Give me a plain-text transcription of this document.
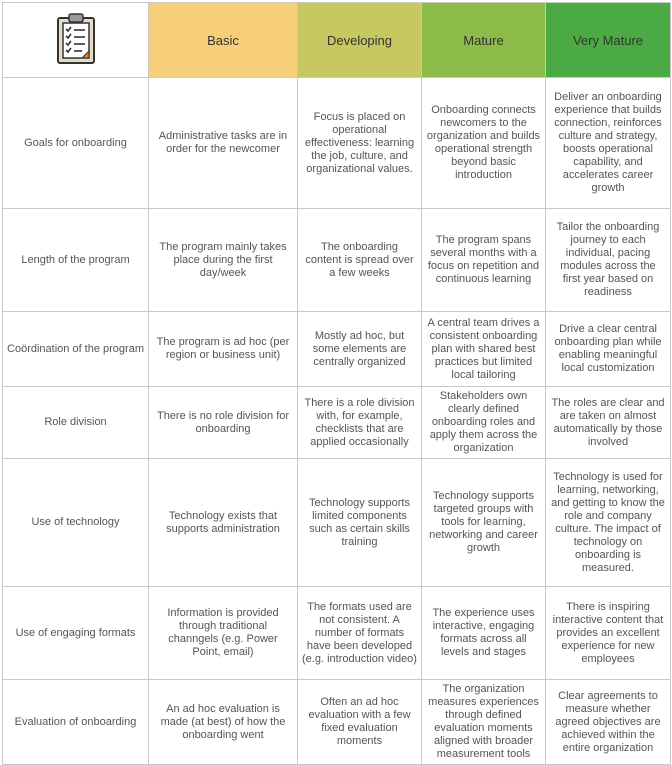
	Basic	Developing	Mature	Very Mature
Goals for onboarding	Administrative tasks are in order for the newcomer	Focus is placed on operational effectiveness: learning the job, culture, and organizational values.	Onboarding connects newcomers to the organization and builds operational strength beyond basic introduction	Deliver an onboarding experience that builds connection, reinforces culture and strategy, boosts operational capability, and accelerates career growth
Length of the program	The program mainly takes place during the first day/week	The onboarding content is spread over a few weeks	The program spans several months with a focus on repetition and continuous learning	Tailor the onboarding journey to each individual, pacing modules across the first year based on readiness
Coördination of the program	The program is ad hoc (per region or business unit)	Mostly ad hoc, but some elements are centrally organized	A central team drives a consistent onboarding plan with shared best practices but limited local tailoring	Drive a clear central onboarding plan while enabling meaningful local customization
Role division	There is no role division for onboarding	There is a role division with, for example, checklists that are applied occasionally	Stakeholders own clearly defined onboarding roles and apply them across the organization	The roles are clear and are taken on almost automatically by those involved
Use of technology	Technology exists that supports administration	Technology supports limited components such as certain skills training	Technology supports targeted groups with tools for learning, networking and career growth	Technology is used for learning, networking, and getting to know the role and company culture. The impact of technology on onboarding is measured.
Use of engaging formats	Information is provided through traditional channgels (e.g. Power Point, email)	The formats used are not consistent. A number of formats have been developed (e.g. introduction video)	The experience uses interactive, engaging formats across all levels and stages	There is inspiring interactive content that provides an excellent experience for new employees
Evaluation of onboarding	An ad hoc evaluation is made (at best) of how the onboarding went	Often an ad hoc evaluation with a few fixed evaluation moments	The organization measures experiences through defined evaluation moments aligned with broader measurement tools	Clear agreements to measure whether agreed objectives are achieved within the entire organization
